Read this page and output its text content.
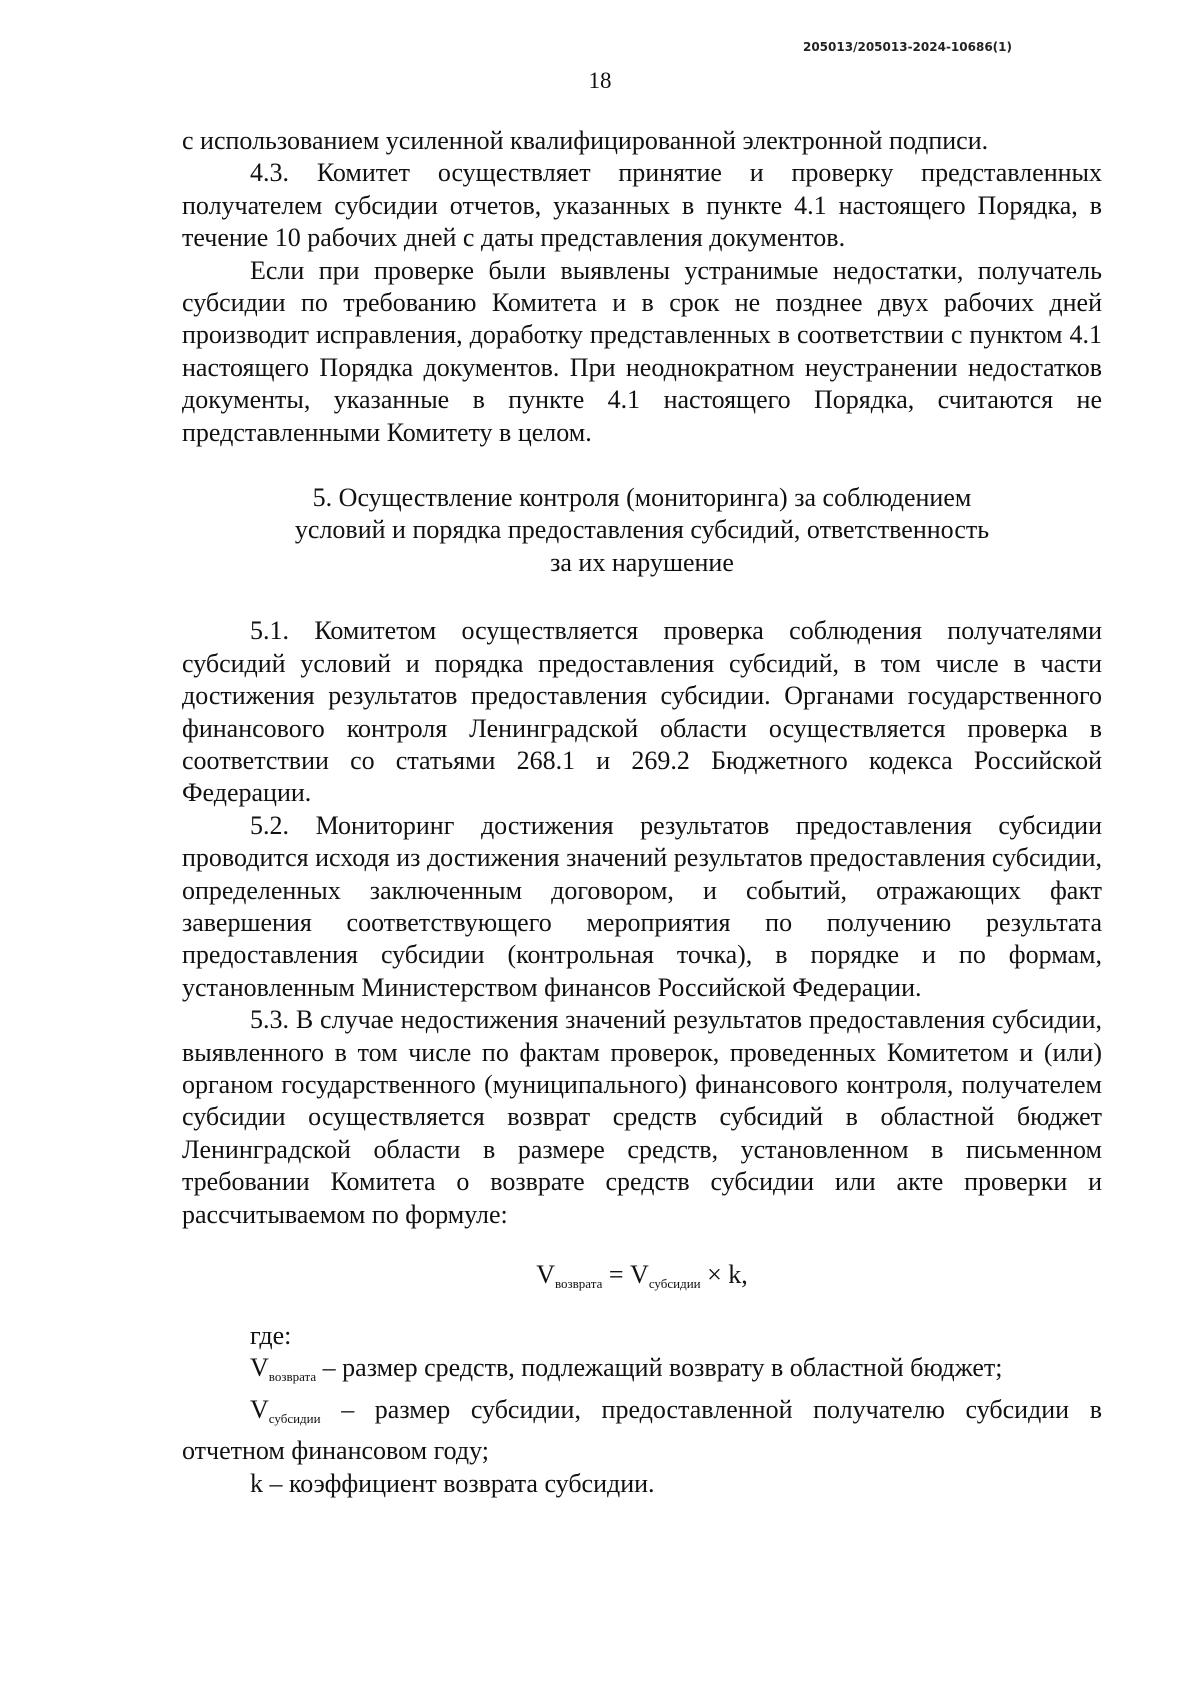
205013/205013-2024-10686(1)
18

с использованием усиленной квалифицированной электронной подписи.

4.3. Комитет осуществляет принятие и проверку представленных получателем субсидии отчетов, указанных в пункте 4.1 настоящего Порядка, в течение 10 рабочих дней с даты представления документов.

Если при проверке были выявлены устранимые недостатки, получатель субсидии по требованию Комитета и в срок не позднее двух рабочих дней производит исправления, доработку представленных в соответствии с пунктом 4.1 настоящего Порядка документов. При неоднократном неустранении недостатков документы, указанные в пункте 4.1 настоящего Порядка, считаются не представленными Комитету в целом.

5. Осуществление контроля (мониторинга) за соблюдением
условий и порядка предоставления субсидий, ответственность
за их нарушение

5.1. Комитетом осуществляется проверка соблюдения получателями субсидий условий и порядка предоставления субсидий, в том числе в части достижения результатов предоставления субсидии. Органами государственного финансового контроля Ленинградской области осуществляется проверка в соответствии со статьями 268.1 и 269.2 Бюджетного кодекса Российской Федерации.

5.2. Мониторинг достижения результатов предоставления субсидии проводится исходя из достижения значений результатов предоставления субсидии, определенных заключенным договором, и событий, отражающих факт завершения соответствующего мероприятия по получению результата предоставления субсидии (контрольная точка), в порядке и по формам, установленным Министерством финансов Российской Федерации.

5.3. В случае недостижения значений результатов предоставления субсидии, выявленного в том числе по фактам проверок, проведенных Комитетом и (или) органом государственного (муниципального) финансового контроля, получателем субсидии осуществляется возврат средств субсидий в областной бюджет Ленинградской области в размере средств, установленном в письменном требовании Комитета о возврате средств субсидии или акте проверки и рассчитываемом по формуле:

$V_{возврата} = V_{субсидии} \times k$,

где:

$V_{возврата}$ – размер средств, подлежащий возврату в областной бюджет;

$V_{субсидии}$ – размер субсидии, предоставленной получателю субсидии в отчетном финансовом году;

k – коэффициент возврата субсидии.
